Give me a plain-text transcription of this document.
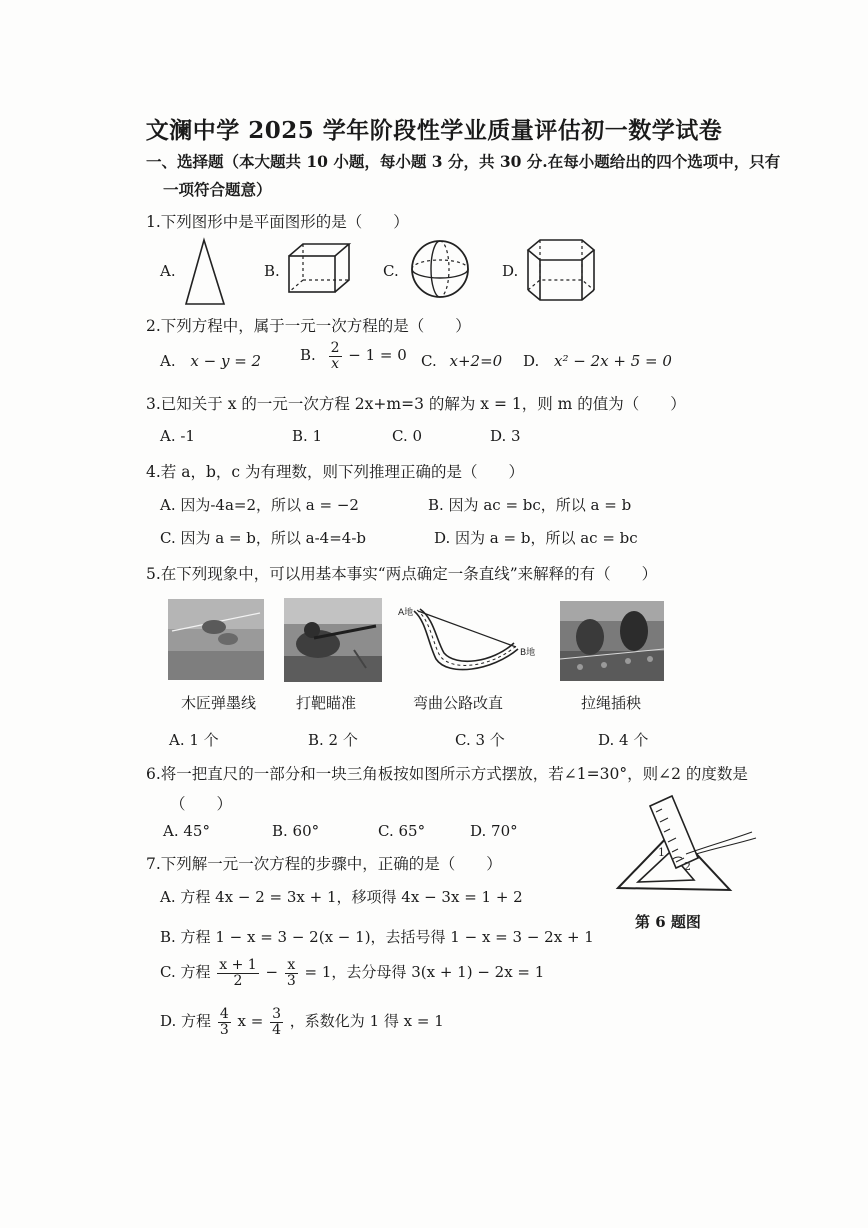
文澜中学 2025 学年阶段性学业质量评估初一数学试卷
一、选择题（本大题共 10 小题，每小题 3 分，共 30 分.在每小题给出的四个选项中，只有
一项符合题意）
1.下列图形中是平面图形的是（　　）
A.	B.	C.	D.
2.下列方程中，属于一元一次方程的是（　　）
A. x − y = 2	B. $\frac{2}{x} - 1 = 0$ C. x+2=0 D. x² − 2x + 5 = 0
3.已知关于 x 的一元一次方程 2x+m=3 的解为 x = 1，则 m 的值为（　　）
A. -1	B. 1	C. 0	D. 3
4.若 a，b，c 为有理数，则下列推理正确的是（　　）
A. 因为-4a=2，所以 a = −2	B. 因为 ac = bc，所以 a = b
C. 因为 a = b，所以 a-4=4-b	D. 因为 a = b，所以 ac = bc
5.在下列现象中，可以用基本事实“两点确定一条直线”来解释的有（　　）
A地
B地
木匠弹墨线	打靶瞄准	弯曲公路改直	拉绳插秧
A. 1 个	B. 2 个	C. 3 个	D. 4 个
6.将一把直尺的一部分和一块三角板按如图所示方式摆放，若∠1=30°，则∠2 的度数是
（　　）
A. 45°	B. 60°	C. 65°	D. 70°
1
2
第 6 题图
7.下列解一元一次方程的步骤中，正确的是（　　）
A. 方程 4x − 2 = 3x + 1，移项得 4x − 3x = 1 + 2
B. 方程 1 − x = 3 − 2(x − 1)，去括号得 1 − x = 3 − 2x + 1
C. 方程 $\frac{x + 1}{2} - \frac{x}{3} = 1$，去分母得 3(x + 1) − 2x = 1
D. 方程 $\frac{4}{3}$ $x = \frac{3}{4}$ ，系数化为 1 得 x = 1
